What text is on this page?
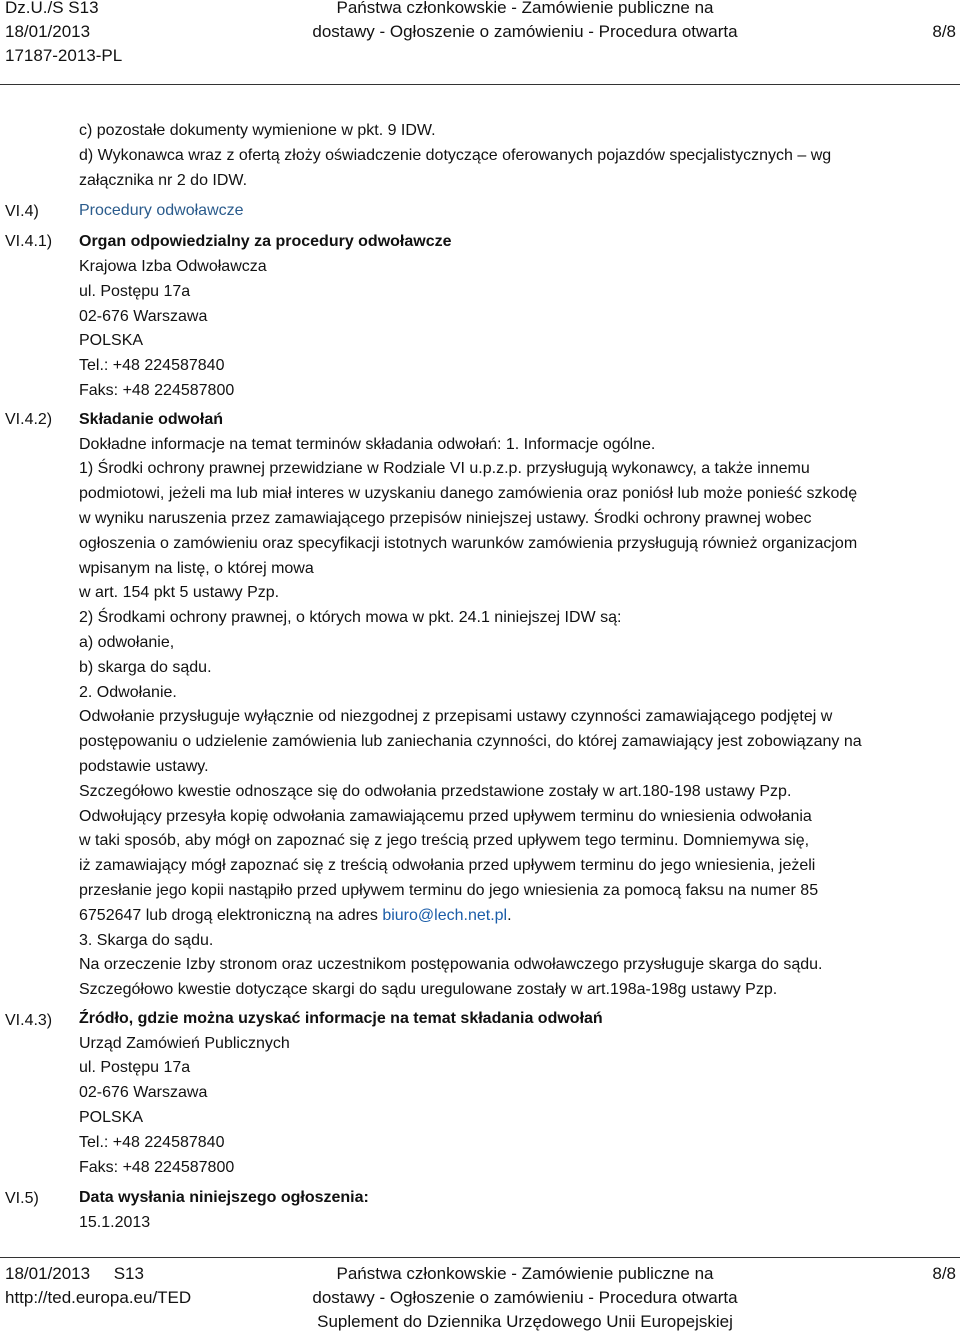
Dz.U./S S13
18/01/2013
17187-2013-PL
Państwa członkowskie - Zamówienie publiczne na
dostawy - Ogłoszenie o zamówieniu - Procedura otwarta	8/8
VI.4)
VI.4.1)
VI.4.2)
VI.4.3)
VI.5)

c) pozostałe dokumenty wymienione w pkt. 9 IDW.

d) Wykonawca wraz z ofertą złoży oświadczenie dotyczące oferowanych pojazdów specjalistycznych – wg

załącznika nr 2 do IDW.

Procedury odwoławcze

Organ odpowiedzialny za procedury odwoławcze

Krajowa Izba Odwoławcza

ul. Postępu 17a

02-676 Warszawa

POLSKA

Tel.: +48 224587840

Faks: +48 224587800

Składanie odwołań

Dokładne informacje na temat terminów składania odwołań: 1. Informacje ogólne.

1) Środki ochrony prawnej przewidziane w Rodziale VI u.p.z.p. przysługują wykonawcy, a także innemu

podmiotowi, jeżeli ma lub miał interes w uzyskaniu danego zamówienia oraz poniósł lub może ponieść szkodę

w wyniku naruszenia przez zamawiającego przepisów niniejszej ustawy. Środki ochrony prawnej wobec

ogłoszenia o zamówieniu oraz specyfikacji istotnych warunków zamówienia przysługują również organizacjom

wpisanym na listę, o której mowa

w art. 154 pkt 5 ustawy Pzp.

2) Środkami ochrony prawnej, o których mowa w pkt. 24.1 niniejszej IDW są:

a) odwołanie,

b) skarga do sądu.

2. Odwołanie.

Odwołanie przysługuje wyłącznie od niezgodnej z przepisami ustawy czynności zamawiającego podjętej w

postępowaniu o udzielenie zamówienia lub zaniechania czynności, do której zamawiający jest zobowiązany na

podstawie ustawy.

Szczegółowo kwestie odnoszące się do odwołania przedstawione zostały w art.180-198 ustawy Pzp.

Odwołujący przesyła kopię odwołania zamawiającemu przed upływem terminu do wniesienia odwołania

w taki sposób, aby mógł on zapoznać się z jego treścią przed upływem tego terminu. Domniemywa się,

iż zamawiający mógł zapoznać się z treścią odwołania przed upływem terminu do jego wniesienia, jeżeli

przesłanie jego kopii nastąpiło przed upływem terminu do jego wniesienia za pomocą faksu na numer 85

6752647 lub drogą elektroniczną na adres biuro@lech.net.pl.

3. Skarga do sądu.

Na orzeczenie Izby stronom oraz uczestnikom postępowania odwoławczego przysługuje skarga do sądu.

Szczegółowo kwestie dotyczące skargi do sądu uregulowane zostały w art.198a-198g ustawy Pzp.

Źródło, gdzie można uzyskać informacje na temat składania odwołań

Urząd Zamówień Publicznych

ul. Postępu 17a

02-676 Warszawa

POLSKA

Tel.: +48 224587840

Faks: +48 224587800

Data wysłania niniejszego ogłoszenia:

15.1.2013

18/01/2013     S13
http://ted.europa.eu/TED
Państwa członkowskie - Zamówienie publiczne na
dostawy - Ogłoszenie o zamówieniu - Procedura otwarta
Suplement do Dziennika Urzędowego Unii Europejskiej
8/8
